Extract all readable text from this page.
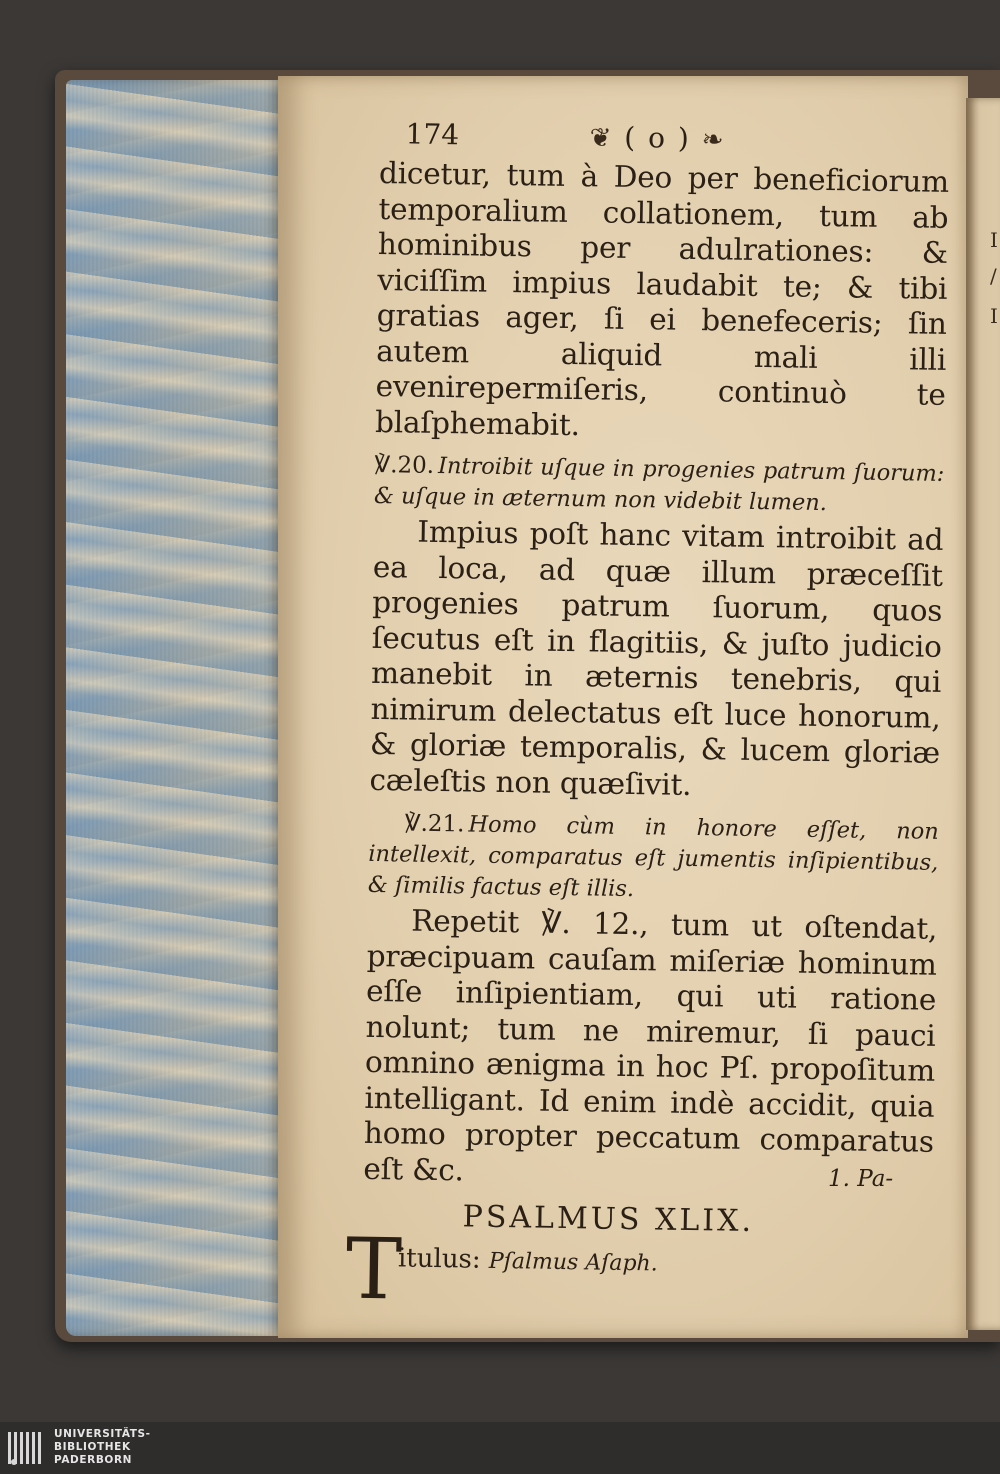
I
/
I
174	❦ ( o ) ❧

dicetur, tum à Deo per beneficiorum temporalium collationem, tum ab hominibus per adulrationes: & viciſſim impius laudabit te; & tibi gratias ager, ſi ei benefeceris; ſin autem aliquid mali illi evenirepermiſeris, continuò te blaſphemabit.

℣.20. Introibit uſque in progenies patrum ſuorum: & uſque in æternum non videbit lumen.

Impius poſt hanc vitam introibit ad ea loca, ad quæ illum præceſſit progenies patrum ſuorum, quos ſecutus eſt in flagitiis, & juſto judicio manebit in æternis tenebris, qui nimirum delectatus eſt luce honorum, & gloriæ temporalis, & lucem gloriæ cæleſtis non quæſivit.

℣.21. Homo cùm in honore eſſet, non intellexit, comparatus eſt jumentis inſipientibus, & ſimilis factus eſt illis.

Repetit ℣. 12., tum ut oſtendat, præcipuam cauſam miſeriæ hominum eſſe inſipientiam, qui uti ratione nolunt; tum ne miremur, ſi pauci omnino ænigma in hoc Pſ. propoſitum intelligant. Id enim indè accidit, quia homo propter peccatum comparatus eſt &c.

PSALMUS XLIX.

T
itulus: Pſalmus Aſaph.
1. Pa-
UNIVERSITÄTS-
BIBLIOTHEK
PADERBORN
